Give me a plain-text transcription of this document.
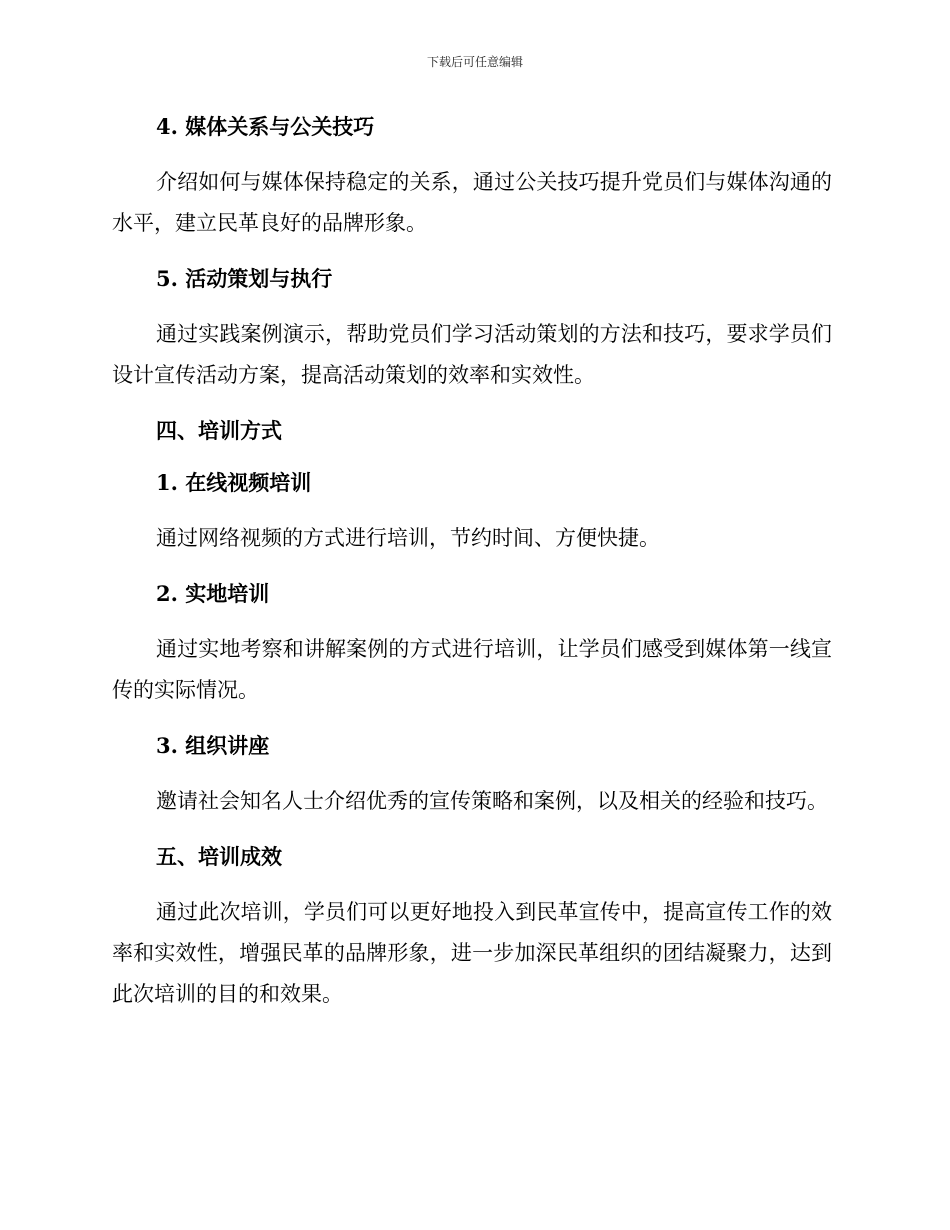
下载后可任意编辑
4. 媒体关系与公关技巧
介绍如何与媒体保持稳定的关系，通过公关技巧提升党员们与媒体沟通的水平，建立民革良好的品牌形象。
5. 活动策划与执行
通过实践案例演示，帮助党员们学习活动策划的方法和技巧，要求学员们设计宣传活动方案，提高活动策划的效率和实效性。
四、培训方式
1. 在线视频培训
通过网络视频的方式进行培训，节约时间、方便快捷。
2. 实地培训
通过实地考察和讲解案例的方式进行培训，让学员们感受到媒体第一线宣传的实际情况。
3. 组织讲座
邀请社会知名人士介绍优秀的宣传策略和案例，以及相关的经验和技巧。
五、培训成效
通过此次培训，学员们可以更好地投入到民革宣传中，提高宣传工作的效率和实效性，增强民革的品牌形象，进一步加深民革组织的团结凝聚力，达到此次培训的目的和效果。
